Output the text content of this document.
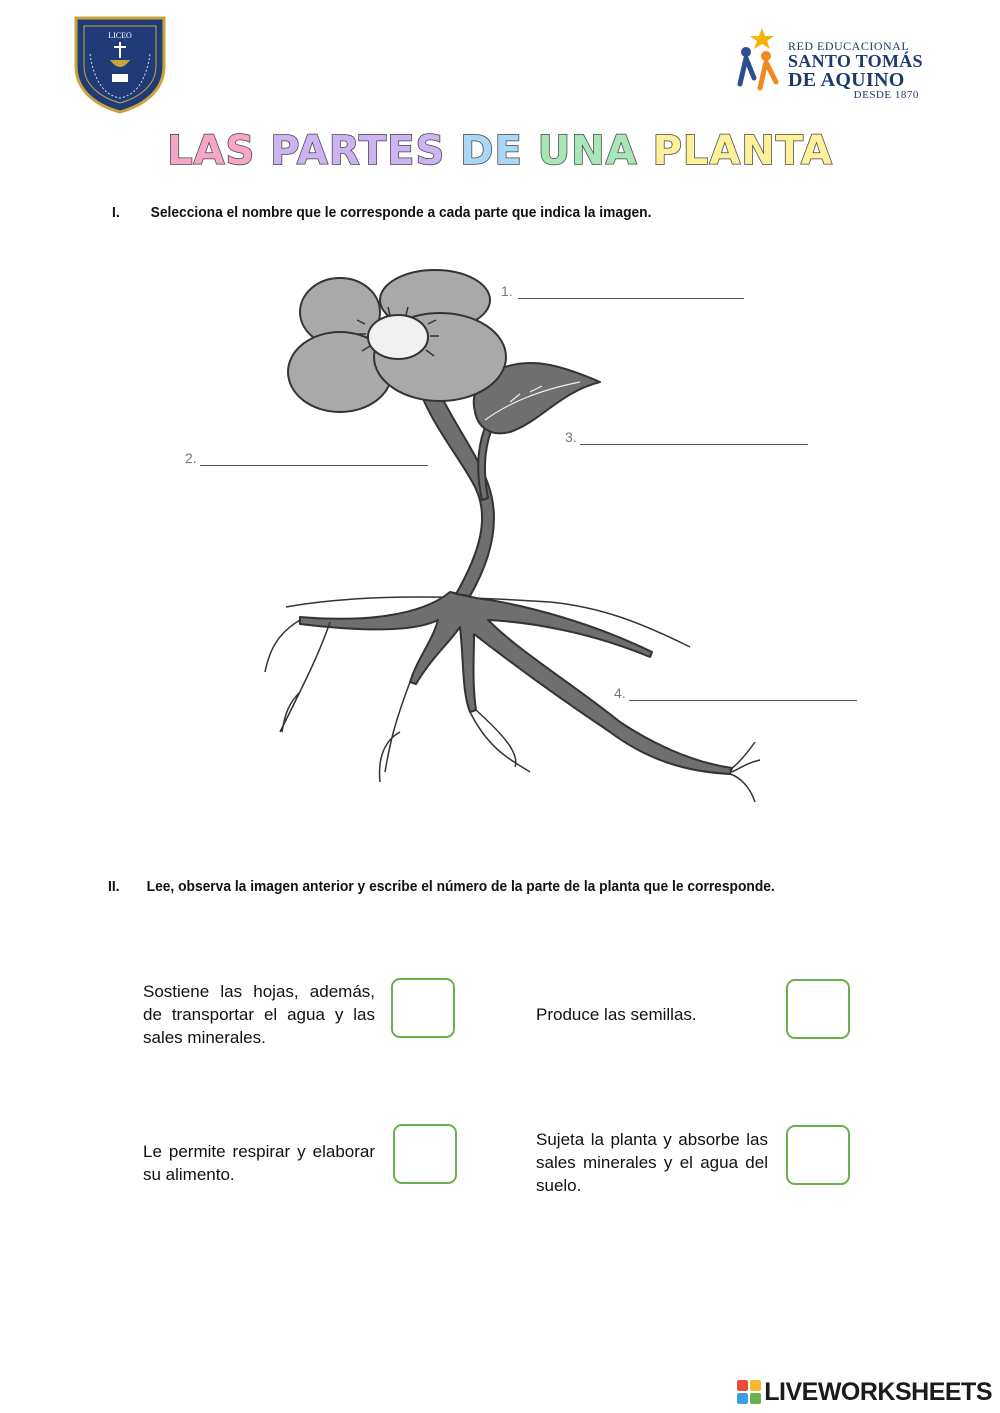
LICEO
RED EDUCACIONAL
SANTO TOMÁS
DE AQUINO
DESDE 1870
LAS PARTES DE UNA PLANTA
I. Selecciona el nombre que le corresponde a cada parte que indica la imagen.
1.
2.
3.
4.
II. Lee, observa la imagen anterior y escribe el número de la parte de la planta que le corresponde.
Sostiene las hojas, además, de transportar el agua y las sales minerales.
Produce las semillas.
Le permite respirar y elaborar su alimento.
Sujeta la planta y absorbe las sales minerales y el agua del suelo.
LIVEWORKSHEETS
